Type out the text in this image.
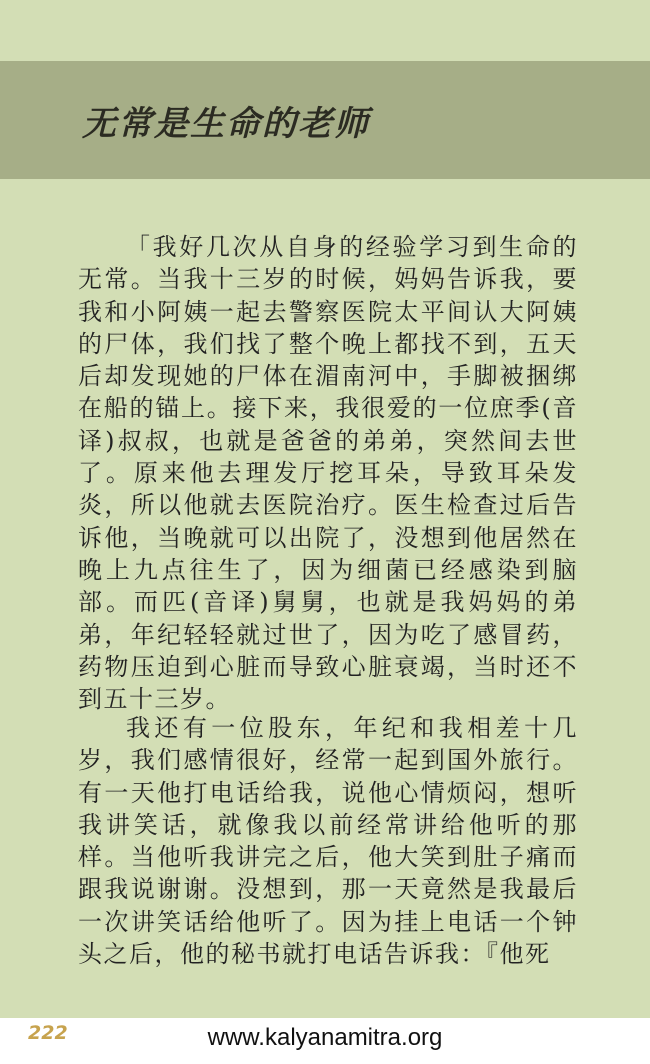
无常是生命的老师
「我好几次从自身的经验学习到生命的无常。当我十三岁的时候，妈妈告诉我，要我和小阿姨一起去警察医院太平间认大阿姨的尸体，我们找了整个晚上都找不到，五天后却发现她的尸体在湄南河中，手脚被捆绑在船的锚上。接下来，我很爱的一位庶季(音译)叔叔，也就是爸爸的弟弟，突然间去世了。原来他去理发厅挖耳朵，导致耳朵发炎，所以他就去医院治疗。医生检查过后告诉他，当晚就可以出院了，没想到他居然在晚上九点往生了，因为细菌已经感染到脑部。而匹(音译)舅舅，也就是我妈妈的弟弟，年纪轻轻就过世了，因为吃了感冒药，药物压迫到心脏而导致心脏衰竭，当时还不到五十三岁。
我还有一位股东，年纪和我相差十几岁，我们感情很好，经常一起到国外旅行。有一天他打电话给我，说他心情烦闷，想听我讲笑话，就像我以前经常讲给他听的那样。当他听我讲完之后，他大笑到肚子痛而跟我说谢谢。没想到，那一天竟然是我最后一次讲笑话给他听了。因为挂上电话一个钟头之后，他的秘书就打电话告诉我：『他死
222	www.kalyanamitra.org
